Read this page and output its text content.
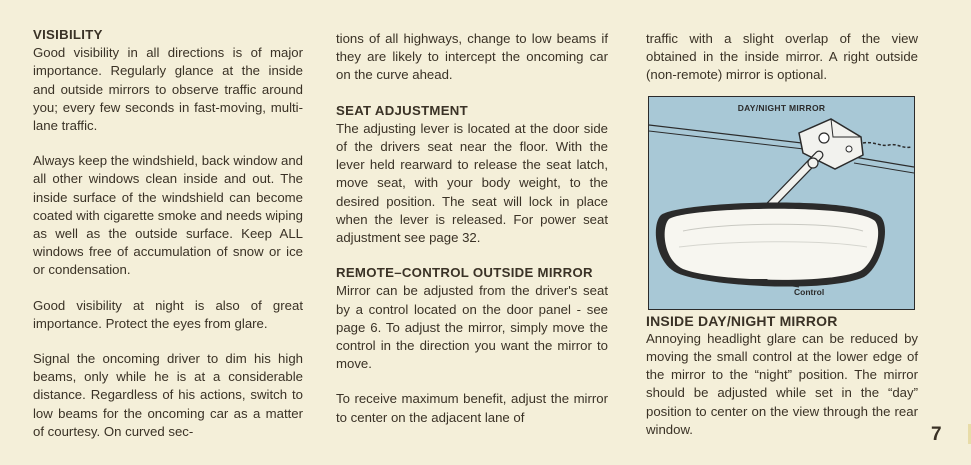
VISIBILITY

Good visibility in all directions is of major importance. Regularly glance at the inside and outside mirrors to observe traffic around you; every few seconds in fast-moving, multi-lane traffic.

Always keep the windshield, back window and all other windows clean inside and out. The inside surface of the windshield can become coated with cigarette smoke and needs wiping as well as the outside surface. Keep ALL windows free of accumulation of snow or ice or condensation.

Good visibility at night is also of great importance. Protect the eyes from glare.

Signal the oncoming driver to dim his high beams, only while he is at a considerable distance. Regardless of his actions, switch to low beams for the oncoming car as a matter of courtesy. On curved sec-

tions of all highways, change to low beams if they are likely to intercept the oncoming car on the curve ahead.

SEAT ADJUSTMENT

The adjusting lever is located at the door side of the drivers seat near the floor. With the lever held rearward to release the seat latch, move seat, with your body weight, to the desired position. The seat will lock in place when the lever is released. For power seat adjustment see page 32.

REMOTE–CONTROL OUTSIDE MIRROR

Mirror can be adjusted from the driver's seat by a control located on the door panel - see page 6. To adjust the mirror, simply move the control in the direction you want the mirror to move.

To receive maximum benefit, adjust the mirror to center on the adjacent lane of

traffic with a slight overlap of the view obtained in the inside mirror. A right outside (non-remote) mirror is optional.

INSIDE DAY/NIGHT MIRROR

Annoying headlight glare can be reduced by moving the small control at the lower edge of the mirror to the “night” position. The mirror should be adjusted while set in the “day” position to center on the view through the rear window.

DAY/NIGHT MIRROR
Control
7
